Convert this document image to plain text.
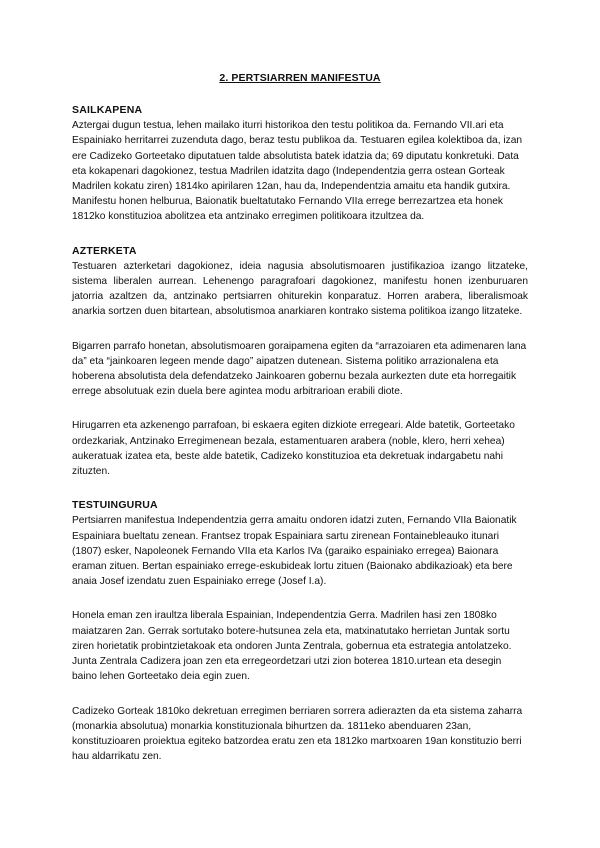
2. PERTSIARREN MANIFESTUA
SAILKAPENA

Aztergai dugun testua, lehen mailako iturri historikoa den testu politikoa da. Fernando VII.ari eta Espainiako herritarrei zuzenduta dago, beraz testu publikoa da. Testuaren egilea kolektiboa da, izan ere Cadizeko Gorteetako diputatuen talde absolutista batek idatzia da; 69 diputatu konkretuki. Data eta kokapenari dagokionez, testua Madrilen idatzita dago (Independentzia gerra ostean Gorteak Madrilen kokatu ziren) 1814ko apirilaren 12an, hau da, Independentzia amaitu eta handik gutxira. Manifestu honen helburua, Baionatik bueltatutako Fernando VIIa errege berrezartzea eta honek 1812ko konstituzioa abolitzea eta antzinako erregimen politikoara itzultzea da.

AZTERKETA

Testuaren azterketari dagokionez, ideia nagusia absolutismoaren justifikazioa izango litzateke, sistema liberalen aurrean. Lehenengo paragrafoari dagokionez, manifestu honen izenburuaren jatorria azaltzen da, antzinako pertsiarren ohiturekin konparatuz. Horren arabera, liberalismoak anarkia sortzen duen bitartean, absolutismoa anarkiaren kontrako sistema politikoa izango litzateke.

Bigarren parrafo honetan, absolutismoaren goraipamena egiten da “arrazoiaren eta adimenaren lana da” eta “jainkoaren legeen mende dago” aipatzen dutenean. Sistema politiko arrazionalena eta hoberena absolutista dela defendatzeko Jainkoaren gobernu bezala aurkezten dute eta horregaitik errege absolutuak ezin duela bere agintea modu arbitrarioan erabili diote.

Hirugarren eta azkenengo parrafoan, bi eskaera egiten dizkiote erregeari. Alde batetik, Gorteetako ordezkariak, Antzinako Erregimenean bezala, estamentuaren arabera (noble, klero, herri xehea) aukeratuak izatea eta, beste alde batetik, Cadizeko konstituzioa eta dekretuak indargabetu nahi zituzten.

TESTUINGURUA

Pertsiarren manifestua Independentzia gerra amaitu ondoren idatzi zuten, Fernando VIIa Baionatik Espainiara bueltatu zenean. Frantsez tropak Espainiara sartu zirenean Fontainebleauko itunari (1807) esker, Napoleonek Fernando VIIa eta Karlos IVa (garaiko espainiako erregea) Baionara eraman zituen. Bertan espainiako errege-eskubideak lortu zituen (Baionako abdikazioak) eta bere anaia Josef izendatu zuen Espainiako errege (Josef I.a).

Honela eman zen iraultza liberala Espainian, Independentzia Gerra. Madrilen hasi zen 1808ko maiatzaren 2an. Gerrak sortutako botere-hutsunea zela eta, matxinatutako herrietan Juntak sortu ziren horietatik probintzietakoak eta ondoren Junta Zentrala, gobernua eta estrategia antolatzeko. Junta Zentrala Cadizera joan zen eta erregeordetzari utzi zion boterea 1810.urtean eta desegin baino lehen Gorteetako deia egin zuen.

Cadizeko Gorteak 1810ko dekretuan erregimen berriaren sorrera adierazten da eta sistema zaharra (monarkia absolutua) monarkia konstituzionala bihurtzen da. 1811eko abenduaren 23an, konstituzioaren proiektua egiteko batzordea eratu zen eta 1812ko martxoaren 19an konstituzio berri hau aldarrikatu zen.
